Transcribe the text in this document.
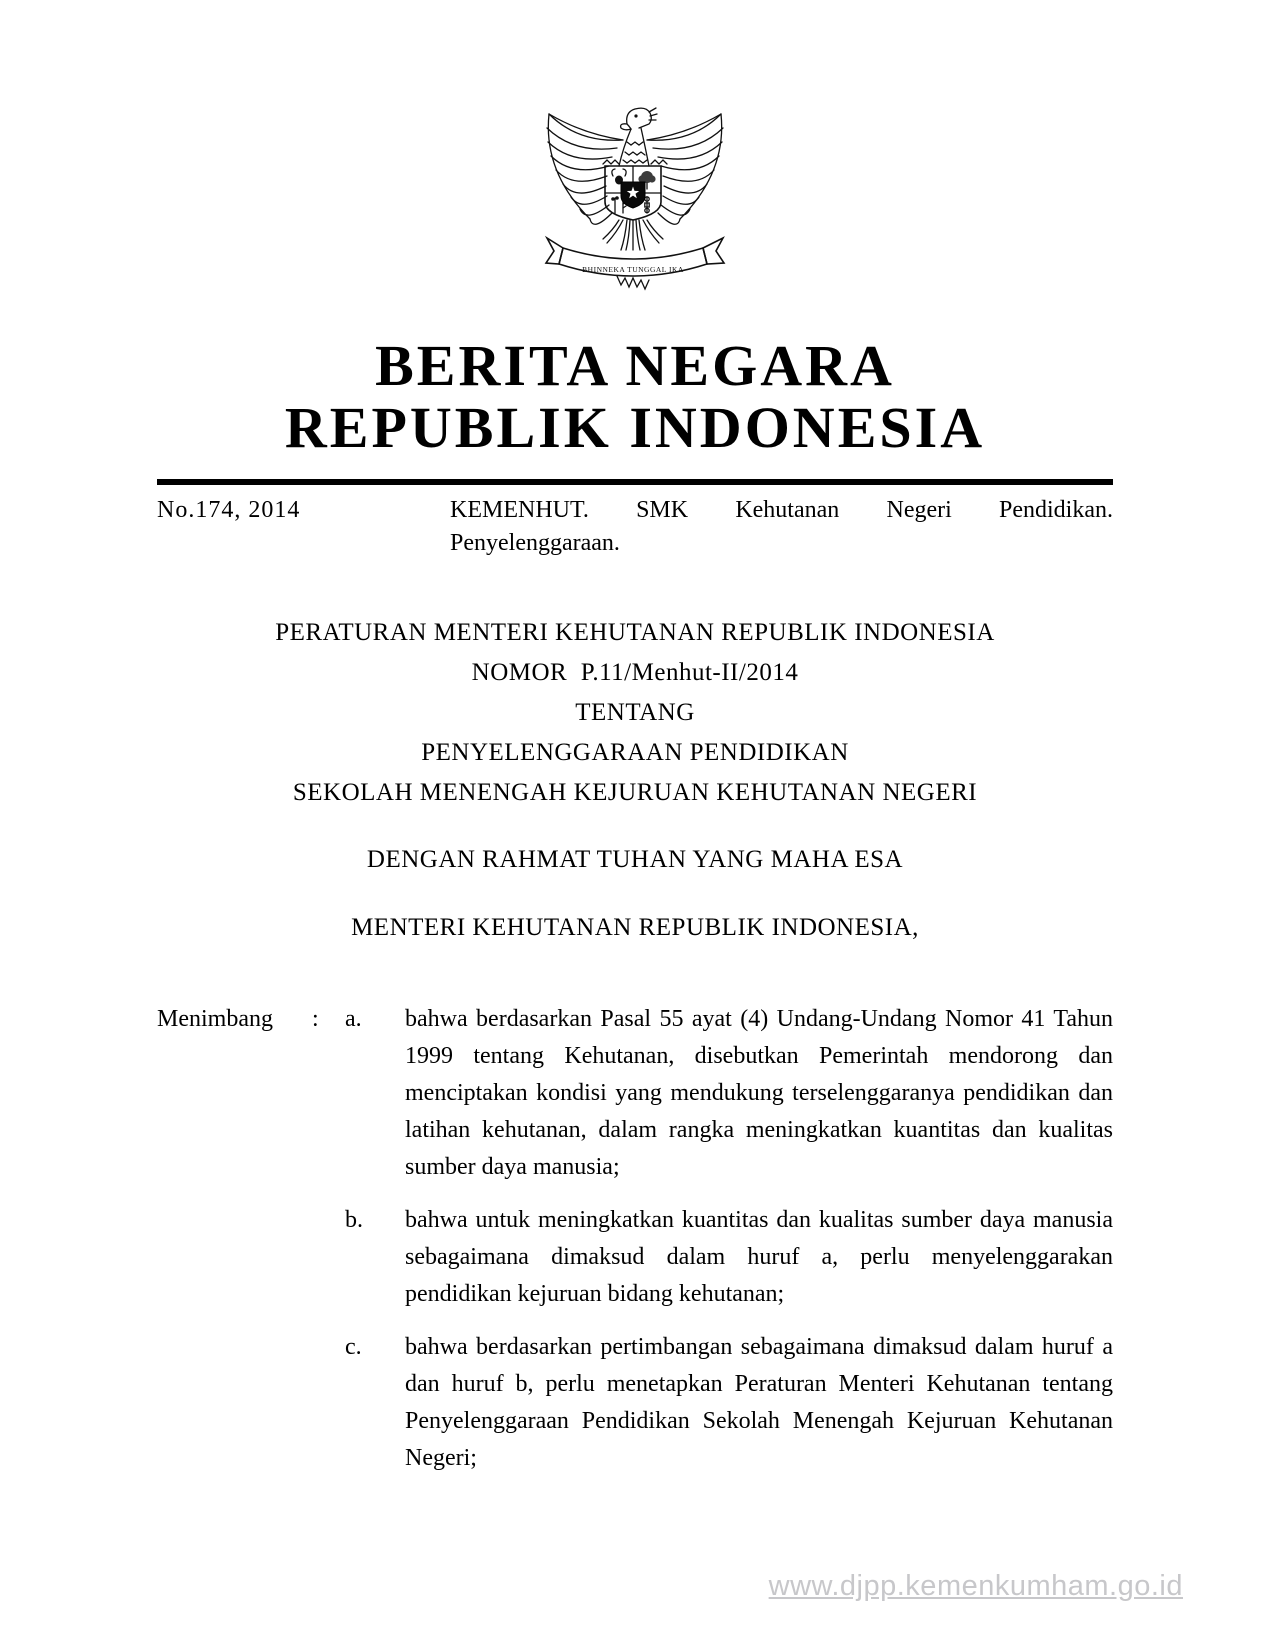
BHINNEKA TUNGGAL IKA
BERITA NEGARA
REPUBLIK INDONESIA
No.174, 2014	KEMENHUT. SMK Kehutanan Negeri Pendidikan. Penyelenggaraan.
PERATURAN MENTERI KEHUTANAN REPUBLIK INDONESIA
NOMOR  P.11/Menhut-II/2014
TENTANG
PENYELENGGARAAN PENDIDIKAN
SEKOLAH MENENGAH KEJURUAN KEHUTANAN NEGERI
DENGAN RAHMAT TUHAN YANG MAHA ESA
MENTERI KEHUTANAN REPUBLIK INDONESIA,
Menimbang	:	a.	bahwa berdasarkan Pasal 55 ayat (4) Undang-Undang Nomor 41 Tahun 1999 tentang Kehutanan, disebutkan Pemerintah mendorong dan menciptakan kondisi yang mendukung terselenggaranya pendidikan dan latihan kehutanan, dalam rangka meningkatkan kuantitas dan kualitas sumber daya manusia;
b.	bahwa untuk meningkatkan kuantitas dan kualitas sumber daya manusia sebagaimana dimaksud dalam huruf a, perlu menyelenggarakan pendidikan kejuruan bidang kehutanan;
c.	bahwa berdasarkan pertimbangan sebagaimana dimaksud dalam huruf a dan huruf b, perlu menetapkan Peraturan Menteri Kehutanan tentang Penyelenggaraan Pendidikan Sekolah Menengah Kejuruan Kehutanan Negeri;
www.djpp.kemenkumham.go.id
